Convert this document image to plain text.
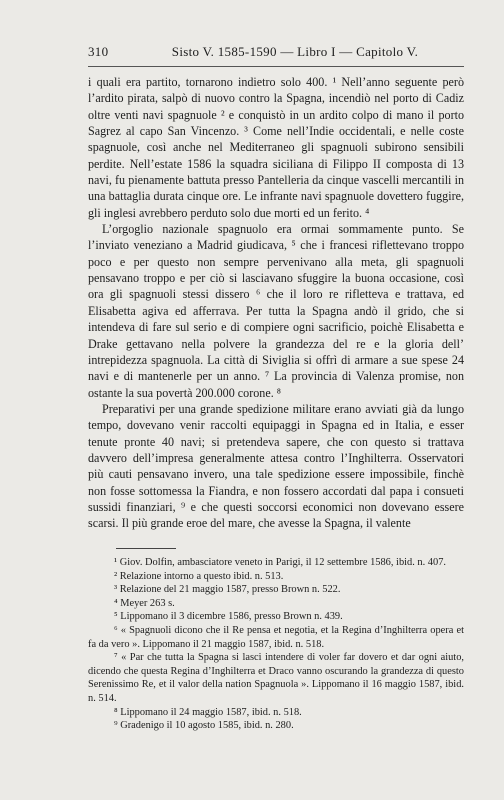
310	Sisto V. 1585-1590 — Libro I — Capitolo V.

i quali era partito, tornarono indietro solo 400. ¹ Nell’anno seguente però l’ardito pirata, salpò di nuovo contro la Spagna, incendiò nel porto di Cadiz oltre venti navi spagnuole ² e conquistò in un ardito colpo di mano il porto Sagrez al capo San Vincenzo. ³ Come nell’Indie occidentali, e nelle coste spagnuole, così anche nel Mediterraneo gli spagnuoli subirono sensibili perdite. Nell’estate 1586 la squadra siciliana di Filippo II composta di 13 navi, fu pienamente battuta presso Pantelleria da cinque vascelli mercantili in una battaglia durata cinque ore. Le infrante navi spagnuole dovettero fuggire, gli inglesi avrebbero perduto solo due morti ed un ferito. ⁴

L’orgoglio nazionale spagnuolo era ormai sommamente punto. Se l’inviato veneziano a Madrid giudicava, ⁵ che i francesi riflettevano troppo poco e per questo non sempre pervenivano alla meta, gli spagnuoli pensavano troppo e per ciò si lasciavano sfuggire la buona occasione, così ora gli spagnuoli stessi dissero ⁶ che il loro re rifletteva e trattava, ed Elisabetta agiva ed afferrava. Per tutta la Spagna andò il grido, che si intendeva di fare sul serio e di compiere ogni sacrificio, poichè Elisabetta e Drake gettavano nella polvere la grandezza del re e la gloria dell’ intrepidezza spagnuola. La città di Siviglia si offrì di armare a sue spese 24 navi e di mantenerle per un anno. ⁷ La provincia di Valenza promise, non ostante la sua povertà 200.000 corone. ⁸

Preparativi per una grande spedizione militare erano avviati già da lungo tempo, dovevano venir raccolti equipaggi in Spagna ed in Italia, e esser tenute pronte 40 navi; si pretendeva sapere, che con questo si trattava davvero dell’impresa generalmente attesa contro l’Inghilterra. Osservatori più cauti pensavano invero, una tale spedizione essere impossibile, finchè non fosse sottomessa la Fiandra, e non fossero accordati dal papa i consueti sussidi finanziari, ⁹ e che questi soccorsi economici non dovevano essere scarsi. Il più grande eroe del mare, che avesse la Spagna, il valente

¹ Giov. Dolfin, ambasciatore veneto in Parigi, il 12 settembre 1586, ibid. n. 407.

² Relazione intorno a questo ibid. n. 513.

³ Relazione del 21 maggio 1587, presso Brown n. 522.

⁴ Meyer 263 s.

⁵ Lippomano il 3 dicembre 1586, presso Brown n. 439.

⁶ « Spagnuoli dicono che il Re pensa et negotia, et la Regina d’Inghilterra opera et fa da vero ». Lippomano il 21 maggio 1587, ibid. n. 518.

⁷ « Par che tutta la Spagna si lasci intendere di voler far dovero et dar ogni aiuto, dicendo che questa Regina d’Inghilterra et Draco vanno oscurando la grandezza di questo Serenissimo Re, et il valor della nation Spagnuola ». Lippomano il 16 maggio 1587, ibid. n. 514.

⁸ Lippomano il 24 maggio 1587, ibid. n. 518.

⁹ Gradenigo il 10 agosto 1585, ibid. n. 280.
